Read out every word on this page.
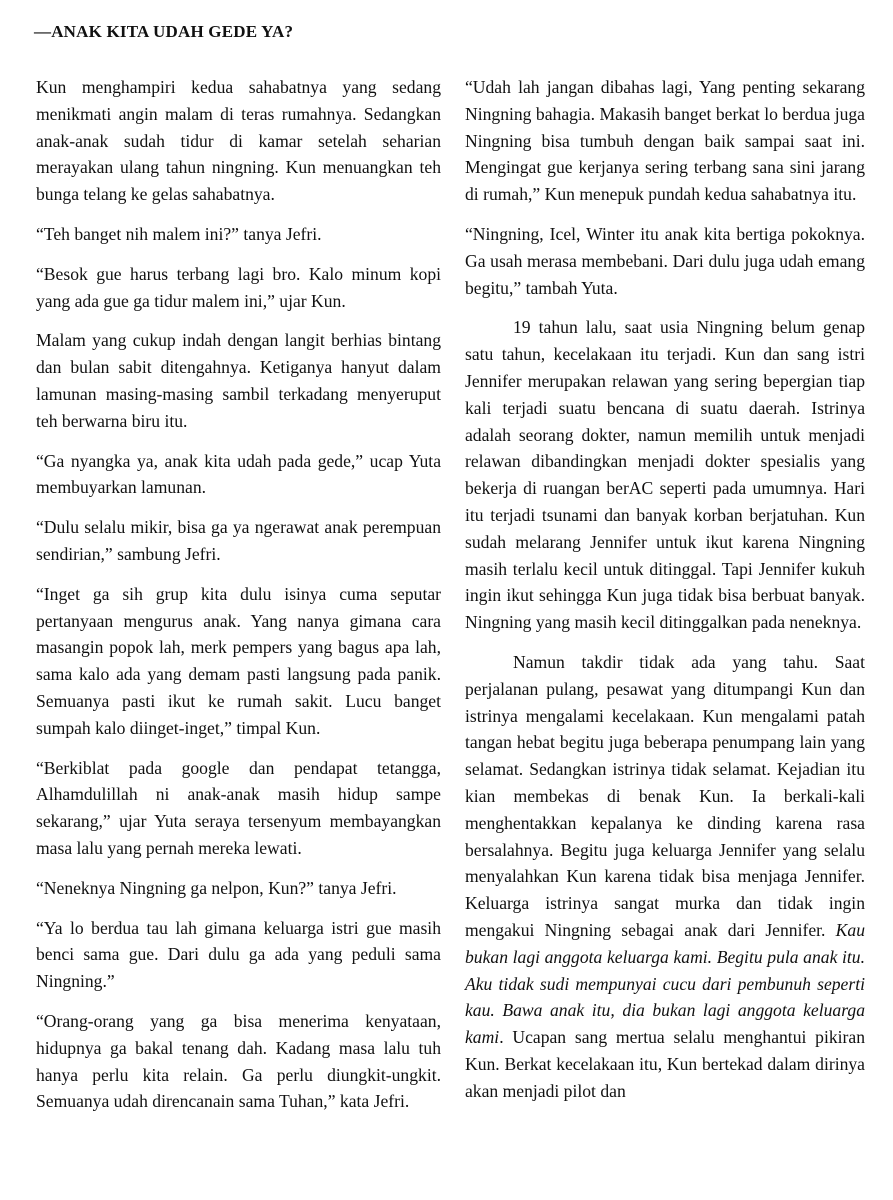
—ANAK KITA UDAH GEDE YA?

Kun menghampiri kedua sahabatnya yang sedang menikmati angin malam di teras rumahnya. Sedangkan anak-anak sudah tidur di kamar setelah seharian merayakan ulang tahun ningning. Kun menuangkan teh bunga telang ke gelas sahabatnya.

“Teh banget nih malem ini?” tanya Jefri.

“Besok gue harus terbang lagi bro. Kalo minum kopi yang ada gue ga tidur malem ini,” ujar Kun.

Malam yang cukup indah dengan langit berhias bintang dan bulan sabit ditengahnya. Ketiganya hanyut dalam lamunan masing-masing sambil terkadang menyeruput teh berwarna biru itu.

“Ga nyangka ya, anak kita udah pada gede,” ucap Yuta membuyarkan lamunan.

“Dulu selalu mikir, bisa ga ya ngerawat anak perempuan sendirian,” sambung Jefri.

“Inget ga sih grup kita dulu isinya cuma seputar pertanyaan mengurus anak. Yang nanya gimana cara masangin popok lah, merk pempers yang bagus apa lah, sama kalo ada yang demam pasti langsung pada panik. Semuanya pasti ikut ke rumah sakit. Lucu banget sumpah kalo diinget-inget,” timpal Kun.

“Berkiblat pada google dan pendapat tetangga, Alhamdulillah ni anak-anak masih hidup sampe sekarang,” ujar Yuta seraya tersenyum membayangkan masa lalu yang pernah mereka lewati.

“Neneknya Ningning ga nelpon, Kun?” tanya Jefri.

“Ya lo berdua tau lah gimana keluarga istri gue masih benci sama gue. Dari dulu ga ada yang peduli sama Ningning.”

“Orang-orang yang ga bisa menerima kenyataan, hidupnya ga bakal tenang dah. Kadang masa lalu tuh hanya perlu kita relain. Ga perlu diungkit-ungkit. Semuanya udah direncanain sama Tuhan,” kata Jefri.

“Udah lah jangan dibahas lagi, Yang penting sekarang Ningning bahagia. Makasih banget berkat lo berdua juga Ningning bisa tumbuh dengan baik sampai saat ini. Mengingat gue kerjanya sering terbang sana sini jarang di rumah,” Kun menepuk pundah kedua sahabatnya itu.

“Ningning, Icel, Winter itu anak kita bertiga pokoknya. Ga usah merasa membebani. Dari dulu juga udah emang begitu,” tambah Yuta.

19 tahun lalu, saat usia Ningning belum genap satu tahun, kecelakaan itu terjadi. Kun dan sang istri Jennifer merupakan relawan yang sering bepergian tiap kali terjadi suatu bencana di suatu daerah. Istrinya adalah seorang dokter, namun memilih untuk menjadi relawan dibandingkan menjadi dokter spesialis yang bekerja di ruangan berAC seperti pada umumnya. Hari itu terjadi tsunami dan banyak korban berjatuhan. Kun sudah melarang Jennifer untuk ikut karena Ningning masih terlalu kecil untuk ditinggal. Tapi Jennifer kukuh ingin ikut sehingga Kun juga tidak bisa berbuat banyak. Ningning yang masih kecil ditinggalkan pada neneknya.

Namun takdir tidak ada yang tahu. Saat perjalanan pulang, pesawat yang ditumpangi Kun dan istrinya mengalami kecelakaan. Kun mengalami patah tangan hebat begitu juga beberapa penumpang lain yang selamat. Sedangkan istrinya tidak selamat. Kejadian itu kian membekas di benak Kun. Ia berkali-kali menghentakkan kepalanya ke dinding karena rasa bersalahnya. Begitu juga keluarga Jennifer yang selalu menyalahkan Kun karena tidak bisa menjaga Jennifer. Keluarga istrinya sangat murka dan tidak ingin mengakui Ningning sebagai anak dari Jennifer. Kau bukan lagi anggota keluarga kami. Begitu pula anak itu. Aku tidak sudi mempunyai cucu dari pembunuh seperti kau. Bawa anak itu, dia bukan lagi anggota keluarga kami. Ucapan sang mertua selalu menghantui pikiran Kun. Berkat kecelakaan itu, Kun bertekad dalam dirinya akan menjadi pilot dan
